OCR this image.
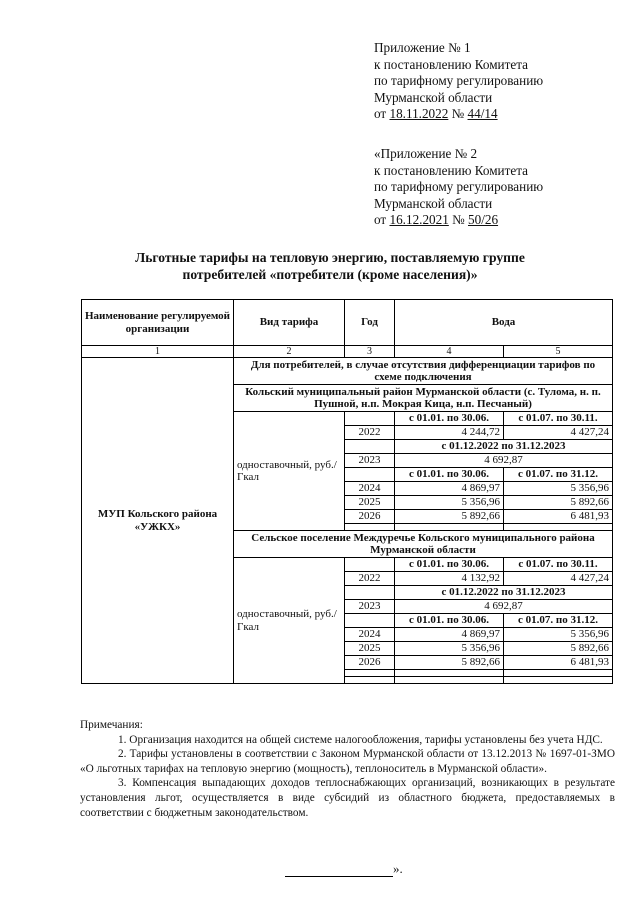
Приложение № 1
к постановлению Комитета
по тарифному регулированию
Мурманской области
от 18.11.2022 № 44/14
«Приложение № 2
к постановлению Комитета
по тарифному регулированию
Мурманской области
от 16.12.2021 № 50/26
Льготные тарифы на тепловую энергию, поставляемую группе
потребителей «потребители (кроме населения)»
Наименование регулируемой организации	Вид тарифа	Год	Вода	
1	2	3	4	5
МУП Кольского района «УЖКХ»	Для потребителей, в случае отсутствия дифференциации тарифов по схеме подключения			
	Кольский муниципальный район Мурманской области (с. Тулома, н. п. Пушной, н.п. Мокрая Кица, н.п. Песчаный)			
	одноставочный, руб./Гкал		с 01.01. по 30.06.	с 01.07. по 30.11.
		2022	4 244,72	4 427,24
			с 01.12.2022 по 31.12.2023	
		2023	4 692,87	
			с 01.01. по 30.06.	с 01.07. по 31.12.
		2024	4 869,97	5 356,96
		2025	5 356,96	5 892,66
		2026	5 892,66	6 481,93

	Сельское поселение Междуречье Кольского муниципального района Мурманской области			
	одноставочный, руб./Гкал		с 01.01. по 30.06.	с 01.07. по 30.11.
		2022	4 132,92	4 427,24
			с 01.12.2022 по 31.12.2023	
		2023	4 692,87	
			с 01.01. по 30.06.	с 01.07. по 31.12.
		2024	4 869,97	5 356,96
		2025	5 356,96	5 892,66
		2026	5 892,66	6 481,93

Примечания:

1. Организация находится на общей системе налогообложения, тарифы установлены без учета НДС.

2. Тарифы установлены в соответствии с Законом Мурманской области от 13.12.2013 № 1697-01-ЗМО «О льготных тарифах на тепловую энергию (мощность), теплоноситель в Мурманской области».

3. Компенсация выпадающих доходов теплоснабжающих организаций, возникающих в результате установления льгот, осуществляется в виде субсидий из областного бюджета, предоставляемых в соответствии с бюджетным законодательством.

».
